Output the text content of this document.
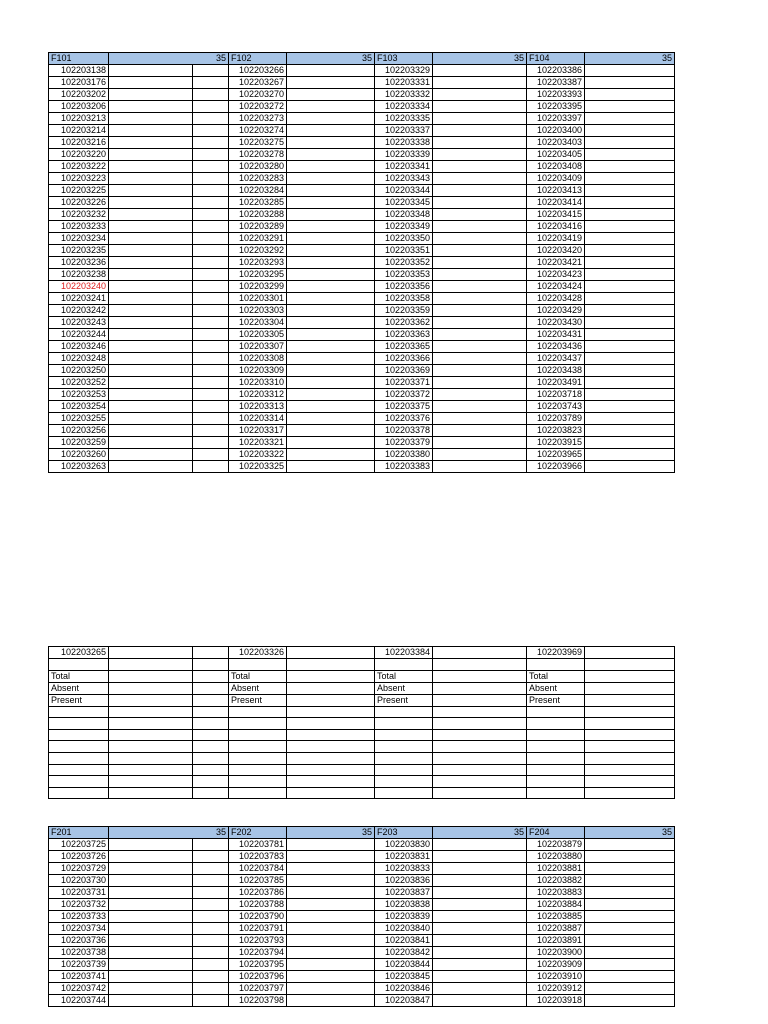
F101	35		F102	35	F103	35	F104	35
102203138			102203266		102203329		102203386	
102203176			102203267		102203331		102203387	
102203202			102203270		102203332		102203393	
102203206			102203272		102203334		102203395	
102203213			102203273		102203335		102203397	
102203214			102203274		102203337		102203400	
102203216			102203275		102203338		102203403	
102203220			102203278		102203339		102203405	
102203222			102203280		102203341		102203408	
102203223			102203283		102203343		102203409	
102203225			102203284		102203344		102203413	
102203226			102203285		102203345		102203414	
102203232			102203288		102203348		102203415	
102203233			102203289		102203349		102203416	
102203234			102203291		102203350		102203419	
102203235			102203292		102203351		102203420	
102203236			102203293		102203352		102203421	
102203238			102203295		102203353		102203423	
102203240			102203299		102203356		102203424	
102203241			102203301		102203358		102203428	
102203242			102203303		102203359		102203429	
102203243			102203304		102203362		102203430	
102203244			102203305		102203363		102203431	
102203246			102203307		102203365		102203436	
102203248			102203308		102203366		102203437	
102203250			102203309		102203369		102203438	
102203252			102203310		102203371		102203491	
102203253			102203312		102203372		102203718	
102203254			102203313		102203375		102203743	
102203255			102203314		102203376		102203789	
102203256			102203317		102203378		102203823	
102203259			102203321		102203379		102203915	
102203260			102203322		102203380		102203965	
102203263			102203325		102203383		102203966	
102203265			102203326		102203384		102203969	

Total			Total		Total		Total	
Absent			Absent		Absent		Absent	
Present			Present		Present		Present	

F201	35		F202	35	F203	35	F204	35
102203725			102203781		102203830		102203879	
102203726			102203783		102203831		102203880	
102203729			102203784		102203833		102203881	
102203730			102203785		102203836		102203882	
102203731			102203786		102203837		102203883	
102203732			102203788		102203838		102203884	
102203733			102203790		102203839		102203885	
102203734			102203791		102203840		102203887	
102203736			102203793		102203841		102203891	
102203738			102203794		102203842		102203900	
102203739			102203795		102203844		102203909	
102203741			102203796		102203845		102203910	
102203742			102203797		102203846		102203912	
102203744			102203798		102203847		102203918	
